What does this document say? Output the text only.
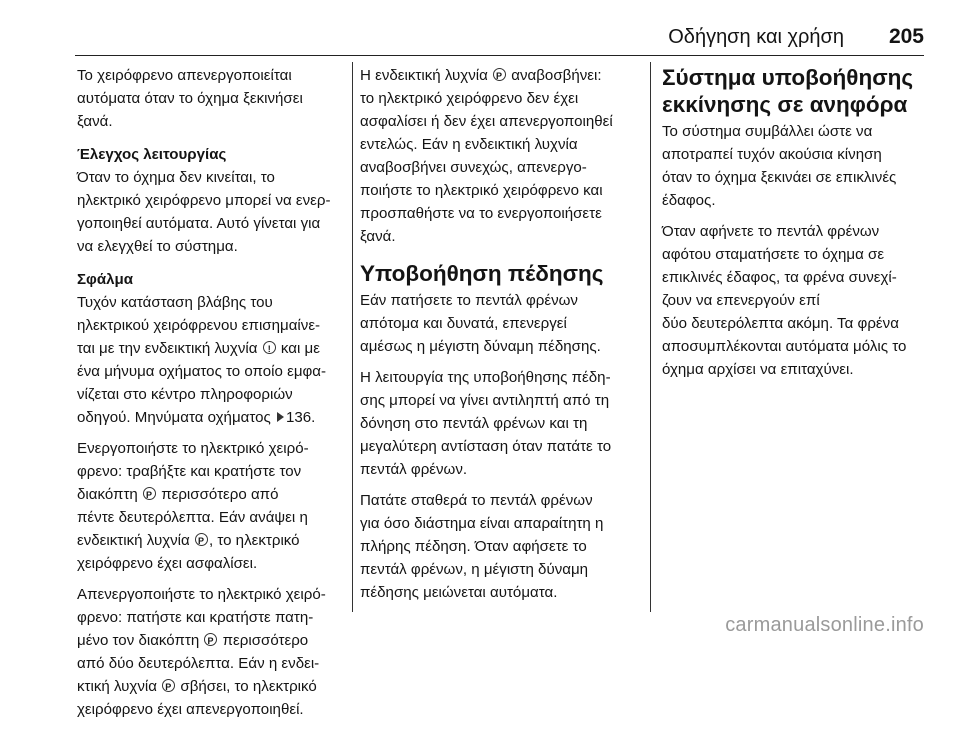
Οδήγηση και χρήση 205
Το χειρόφρενο απενεργοποιείται
αυτόματα όταν το όχημα ξεκινήσει
ξανά.
Έλεγχος λειτουργίας
Όταν το όχημα δεν κινείται, το
ηλεκτρικό χειρόφρενο μπορεί να ενερ-
γοποιηθεί αυτόματα. Αυτό γίνεται για
να ελεγχθεί το σύστημα.
Σφάλμα
Τυχόν κατάσταση βλάβης του
ηλεκτρικού χειρόφρενου επισημαίνε-
ται με την ενδεικτική λυχνία ! και με
ένα μήνυμα οχήματος το οποίο εμφα-
νίζεται στο κέντρο πληροφοριών
οδηγού. Μηνύματα οχήματος 136.
Ενεργοποιήστε το ηλεκτρικό χειρό-
φρενο: τραβήξτε και κρατήστε τον
διακόπτη P περισσότερο από
πέντε δευτερόλεπτα. Εάν ανάψει η
ενδεικτική λυχνία P, το ηλεκτρικό
χειρόφρενο έχει ασφαλίσει.
Απενεργοποιήστε το ηλεκτρικό χειρό-
φρενο: πατήστε και κρατήστε πατη-
μένο τον διακόπτη P περισσότερο
από δύο δευτερόλεπτα. Εάν η ενδει-
κτική λυχνία P σβήσει, το ηλεκτρικό
χειρόφρενο έχει απενεργοποιηθεί.
Η ενδεικτική λυχνία P αναβοσβήνει:
το ηλεκτρικό χειρόφρενο δεν έχει
ασφαλίσει ή δεν έχει απενεργοποιηθεί
εντελώς. Εάν η ενδεικτική λυχνία
αναβοσβήνει συνεχώς, απενεργο-
ποιήστε το ηλεκτρικό χειρόφρενο και
προσπαθήστε να το ενεργοποιήσετε
ξανά.
Υποβοήθηση πέδησης
Εάν πατήσετε το πεντάλ φρένων
απότομα και δυνατά, επενεργεί
αμέσως η μέγιστη δύναμη πέδησης.
Η λειτουργία της υποβοήθησης πέδη-
σης μπορεί να γίνει αντιληπτή από τη
δόνηση στο πεντάλ φρένων και τη
μεγαλύτερη αντίσταση όταν πατάτε το
πεντάλ φρένων.
Πατάτε σταθερά το πεντάλ φρένων
για όσο διάστημα είναι απαραίτητη η
πλήρης πέδηση. Όταν αφήσετε το
πεντάλ φρένων, η μέγιστη δύναμη
πέδησης μειώνεται αυτόματα.
Σύστημα υποβοήθησης
εκκίνησης σε ανηφόρα
Το σύστημα συμβάλλει ώστε να
αποτραπεί τυχόν ακούσια κίνηση
όταν το όχημα ξεκινάει σε επικλινές
έδαφος.
Όταν αφήνετε το πεντάλ φρένων
αφότου σταματήσετε το όχημα σε
επικλινές έδαφος, τα φρένα συνεχί-
ζουν να επενεργούν επί
δύο δευτερόλεπτα ακόμη. Τα φρένα
αποσυμπλέκονται αυτόματα μόλις το
όχημα αρχίσει να επιταχύνει.
carmanualsonline.info
